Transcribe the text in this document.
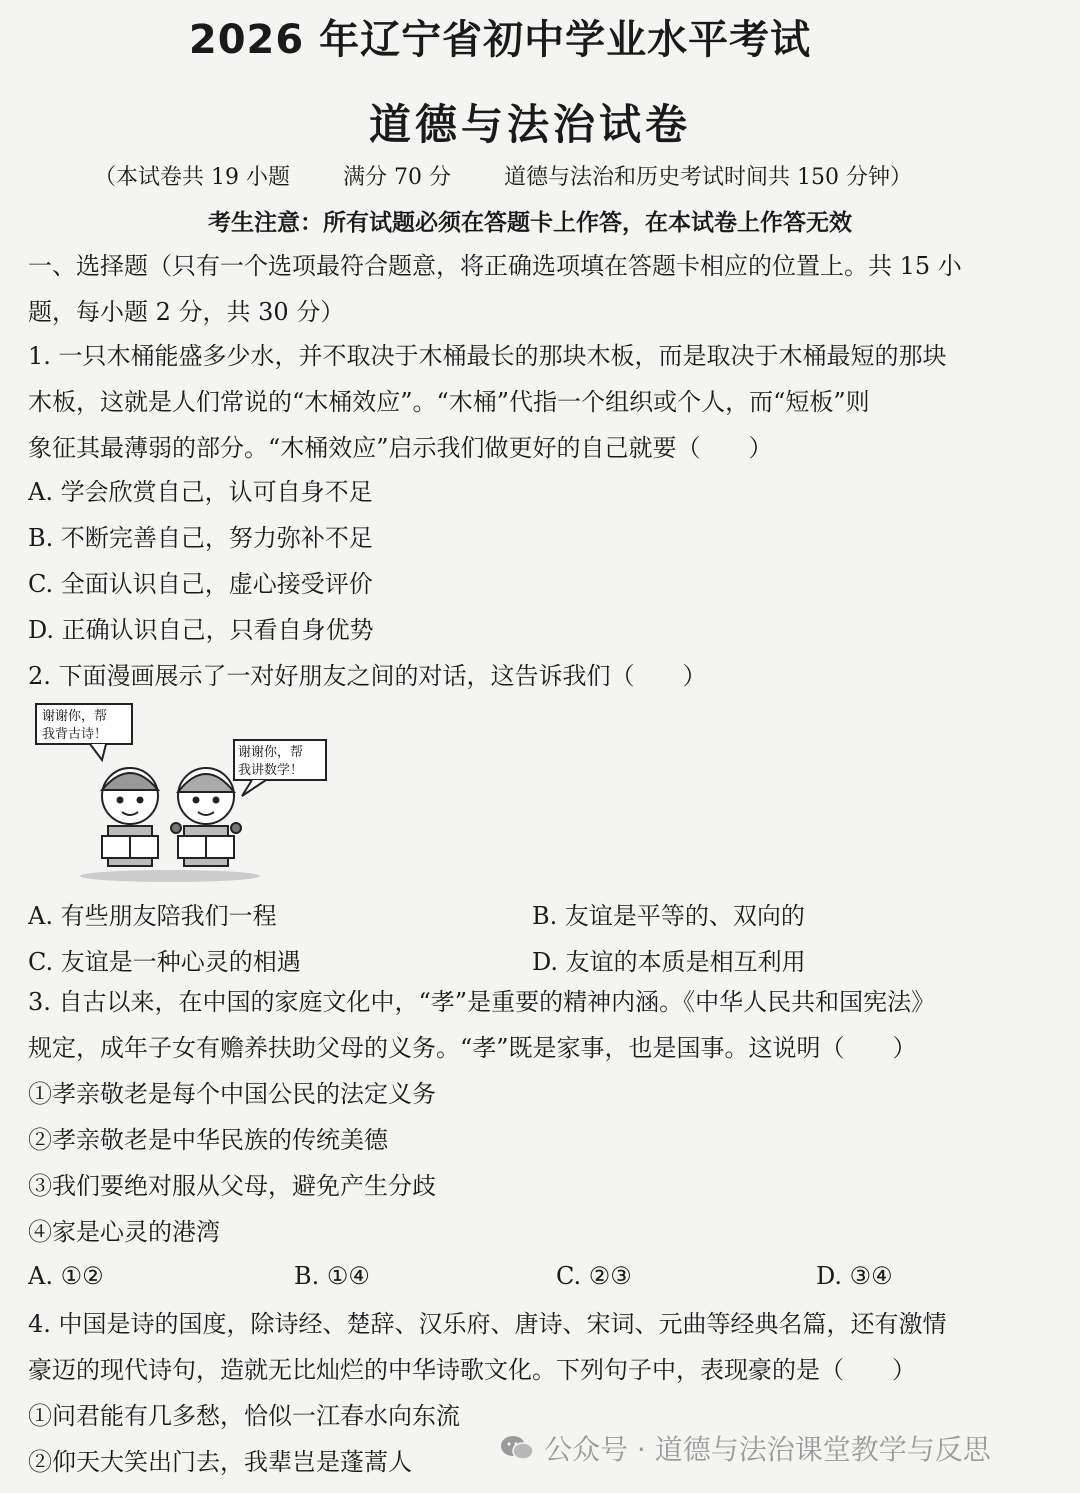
2026 年辽宁省初中学业水平考试
道德与法治试卷
（本试卷共 19 小题 满分 70 分 道德与法治和历史考试时间共 150 分钟）
考生注意：所有试题必须在答题卡上作答，在本试卷上作答无效
一、选择题（只有一个选项最符合题意，将正确选项填在答题卡相应的位置上。共 15 小
题，每小题 2 分，共 30 分）
1. 一只木桶能盛多少水，并不取决于木桶最长的那块木板，而是取决于木桶最短的那块
木板，这就是人们常说的“木桶效应”。“木桶”代指一个组织或个人，而“短板”则
象征其最薄弱的部分。“木桶效应”启示我们做更好的自己就要（　　）
A. 学会欣赏自己，认可自身不足
B. 不断完善自己，努力弥补不足
C. 全面认识自己，虚心接受评价
D. 正确认识自己，只看自身优势
2. 下面漫画展示了一对好朋友之间的对话，这告诉我们（　　）
谢谢你，帮
我背古诗！
谢谢你，帮
我讲数学！
A. 有些朋友陪我们一程	B. 友谊是平等的、双向的
C. 友谊是一种心灵的相遇	D. 友谊的本质是相互利用
3. 自古以来，在中国的家庭文化中，“孝”是重要的精神内涵。《中华人民共和国宪法》
规定，成年子女有赡养扶助父母的义务。“孝”既是家事，也是国事。这说明（　　）
①孝亲敬老是每个中国公民的法定义务
②孝亲敬老是中华民族的传统美德
③我们要绝对服从父母，避免产生分歧
④家是心灵的港湾
A. ①②	B. ①④	C. ②③	D. ③④
4. 中国是诗的国度，除诗经、楚辞、汉乐府、唐诗、宋词、元曲等经典名篇，还有激情
豪迈的现代诗句，造就无比灿烂的中华诗歌文化。下列句子中，表现豪的是（　　）
①问君能有几多愁，恰似一江春水向东流
②仰天大笑出门去，我辈岂是蓬蒿人	公众号 · 道德与法治课堂教学与反思
